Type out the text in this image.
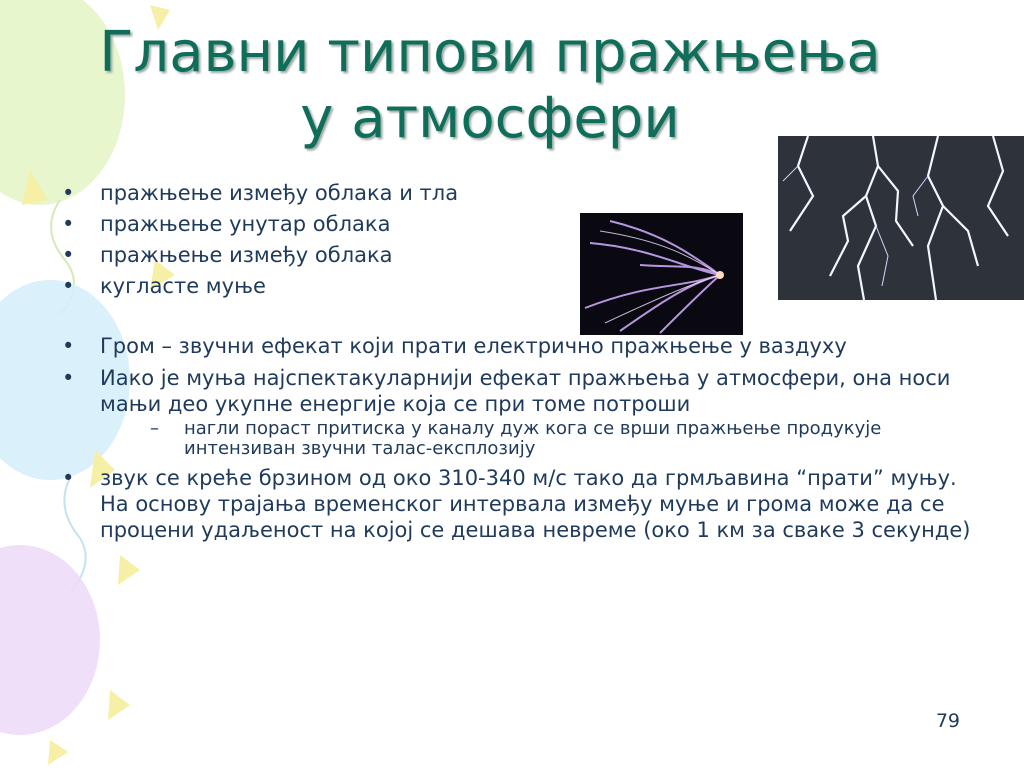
Главни типови пражњења
у атмосфери
• пражњење између облака и тла
• пражњење унутар облака
• пражњење између облака
• кугласте муње
• Гром – звучни ефекат који прати електрично пражњење у ваздуху
• Иако је муња најспектакуларнији ефекат пражњења у атмосфери, она носи мањи део укупне енергије која се при томе потроши
– нагли пораст притиска у каналу дуж кога се врши пражњење продукује интензиван звучни талас-експлозију
• звук се креће брзином од око 310-340 м/с тако да грмљавина “прати” муњу. На основу трајања временског интервала између муње и грома може да се процени удаљеност на којој се дешава невреме (око 1 км за сваке 3 секунде)
79
